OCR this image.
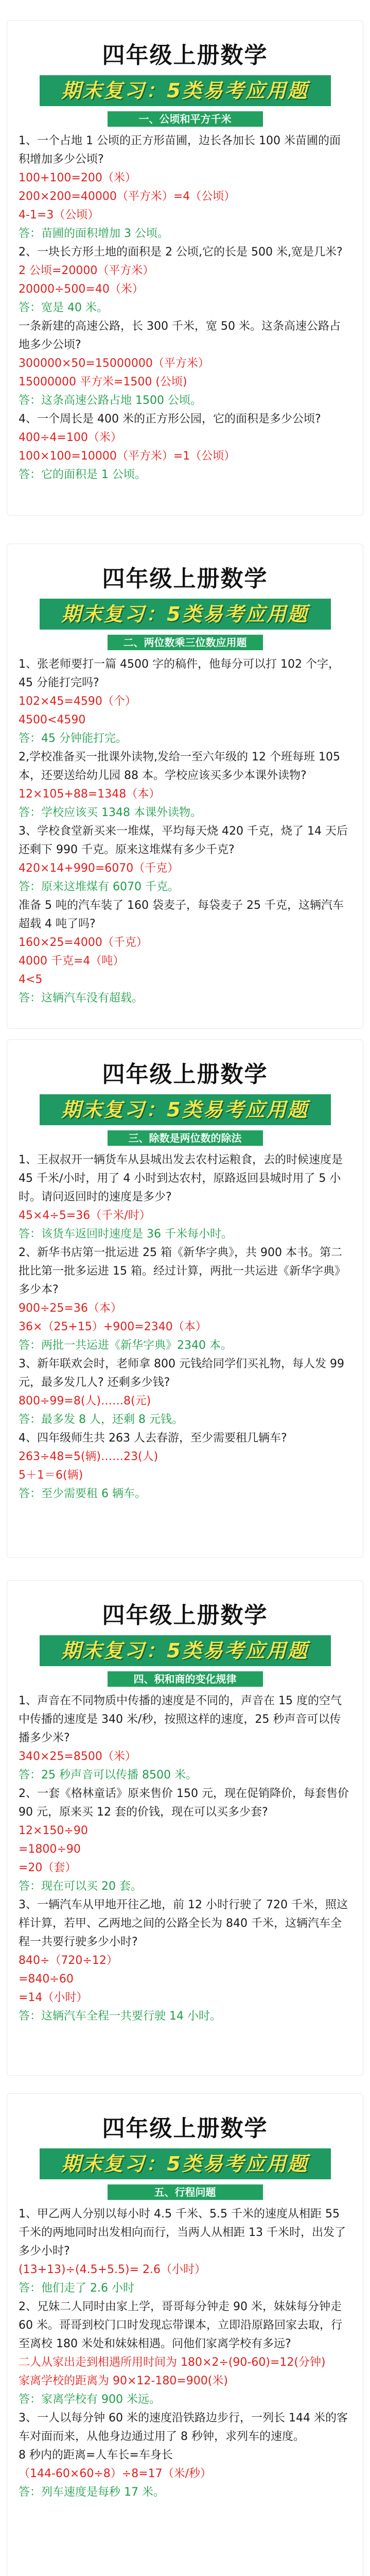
四年级上册数学
期末复习：5类易考应用题
一、公顷和平方千米
1、一个占地 1 公顷的正方形苗圃，边长各加长 100 米苗圃的面积增加多少公顷?
100+100=200（米）
200×200=40000（平方米）=4（公顷）
4-1=3（公顷）
答：苗圃的面积增加 3 公顷。
2、一块长方形土地的面积是 2 公顷,它的长是 500 米,宽是几米?
2 公顷=20000（平方米）
20000÷500=40（米）
答：宽是 40 米。
一条新建的高速公路，长 300 千米，宽 50 米。这条高速公路占地多少公顷?
300000×50=15000000（平方米）
15000000 平方米=1500 (公顷)
答：这条高速公路占地 1500 公顷。
4、一个周长是 400 米的正方形公园，它的面积是多少公顷?
400÷4=100（米）
100×100=10000（平方米）=1（公顷）
答：它的面积是 1 公顷。
四年级上册数学
期末复习：5类易考应用题
二、两位数乘三位数应用题
1、张老师要打一篇 4500 字的稿件，他每分可以打 102 个字，45 分能打完吗?
102×45=4590（个）
4500<4590
答：45 分钟能打完。
2,学校准备买一批课外读物,发给一至六年级的 12 个班每班 105 本，还要送给幼儿园 88 本。学校应该买多少本课外读物?
12×105+88=1348（本）
答：学校应该买 1348 本课外读物。
3、学校食堂新买来一堆煤，平均每天烧 420 千克，烧了 14 天后还剩下 990 千克。原来这堆煤有多少千克?
420×14+990=6070（千克）
答：原来这堆煤有 6070 千克。
准备 5 吨的汽车装了 160 袋麦子，每袋麦子 25 千克，这辆汽车超载 4 吨了吗?
160×25=4000（千克）
4000 千克=4（吨）
4<5
答：这辆汽车没有超载。
四年级上册数学
期末复习：5类易考应用题
三、除数是两位数的除法
1、王叔叔开一辆货车从县城出发去农村运粮食，去的时候速度是 45 千米/小时，用了 4 小时到达农村，原路返回县城时用了 5 小时。请问返回时的速度是多少?
45×4÷5=36（千米/时）
答：该货车返回时速度是 36 千米每小时。
2、新华书店第一批运进 25 箱《新华字典》，共 900 本书。第二批比第一批多运进 15 箱。经过计算，两批一共运进《新华字典》多少本?
900÷25=36（本）
36×（25+15）+900=2340（本）
答：两批一共运进《新华字典》2340 本。
3、新年联欢会时，老师拿 800 元钱给同学们买礼物，每人发 99 元，最多发几人? 还剩多少钱?
800÷99=8(人)……8(元)
答：最多发 8 人，还剩 8 元钱。
4、四年级师生共 263 人去春游，至少需要租几辆车?
263÷48=5(辆)……23(人)
5＋1＝6(辆)
答：至少需要租 6 辆车。
四年级上册数学
期末复习：5类易考应用题
四、积和商的变化规律
1、声音在不同物质中传播的速度是不同的，声音在 15 度的空气中传播的速度是 340 米/秒，按照这样的速度，25 秒声音可以传播多少米?
340×25=8500（米）
答：25 秒声音可以传播 8500 米。
2、一套《格林童话》原来售价 150 元，现在促销降价，每套售价 90 元，原来买 12 套的价钱，现在可以买多少套?
12×150÷90
=1800÷90
=20（套）
答：现在可以买 20 套。
3、一辆汽车从甲地开往乙地，前 12 小时行驶了 720 千米，照这样计算，若甲、乙两地之间的公路全长为 840 千米，这辆汽车全程一共要行驶多少小时?
840÷（720÷12）
=840÷60
=14（小时）
答：这辆汽车全程一共要行驶 14 小时。
四年级上册数学
期末复习：5类易考应用题
五、行程问题
1、甲乙两人分别以每小时 4.5 千米、5.5 千米的速度从相距 55 千米的两地同时出发相向而行，当两人从相距 13 千米时，出发了多少小时?
(13+13)÷(4.5+5.5)= 2.6（小时）
答：他们走了 2.6 小时
2、兄妹二人同时由家上学，哥哥每分钟走 90 米，妹妹每分钟走 60 米。哥哥到校门口时发现忘带课本，立即沿原路回家去取，行至离校 180 米处和妹妹相遇。问他们家离学校有多远?
二人从家出走到相遇所用时间为 180×2÷(90-60)=12(分钟)
家离学校的距离为 90×12-180=900(米)
答：家离学校有 900 米远。
3、一人以每分钟 60 米的速度沿铁路边步行，一列长 144 米的客车对面而来，从他身边通过用了 8 秒钟，求列车的速度。
8 秒内的距离=人车长=车身长
（144-60×60÷8）÷8=17（米/秒）
答：列车速度是每秒 17 米。
